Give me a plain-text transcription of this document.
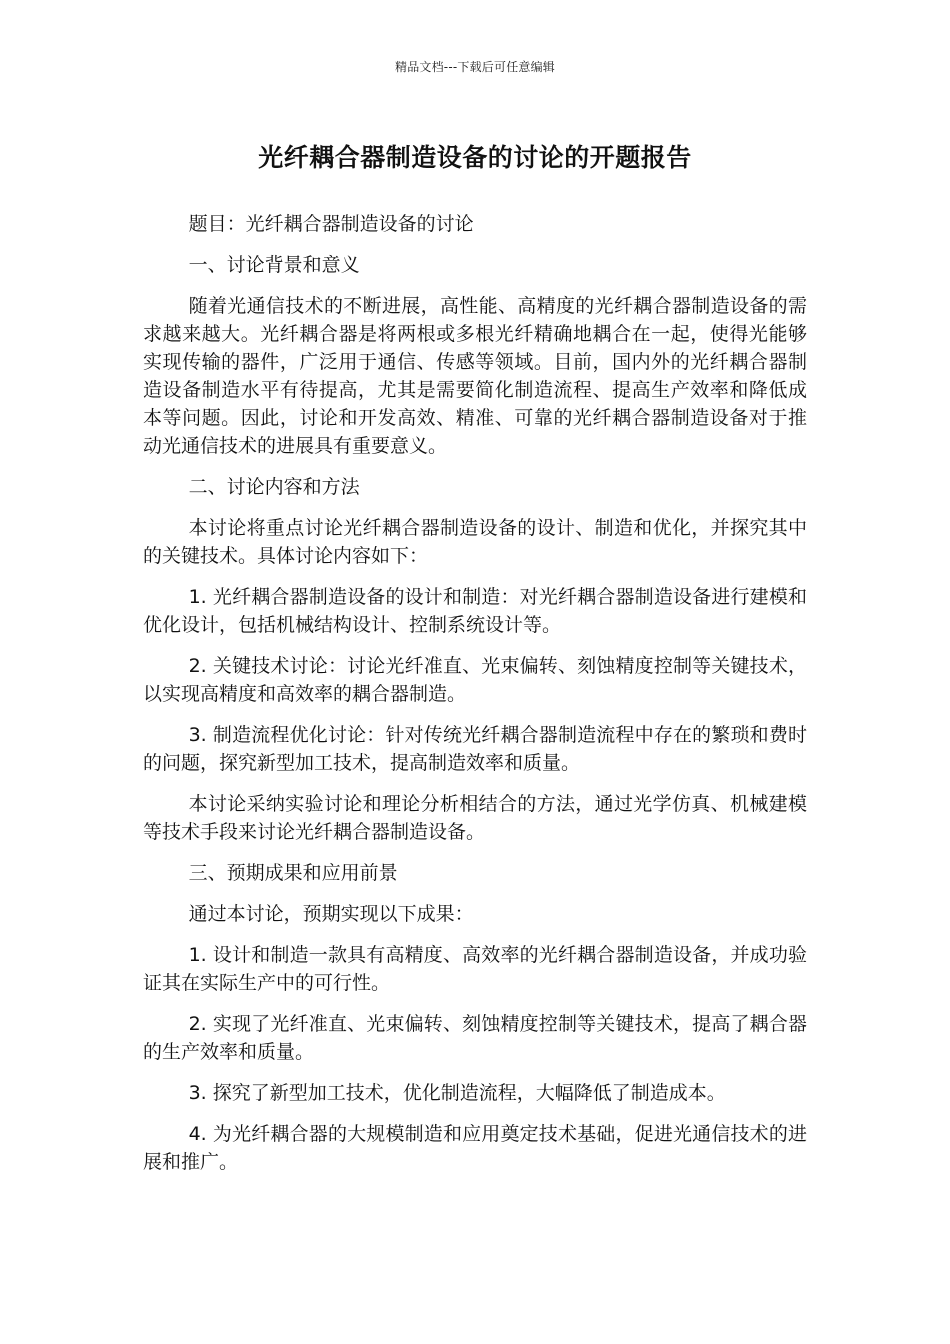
精品文档---下载后可任意编辑
光纤耦合器制造设备的讨论的开题报告

题目：光纤耦合器制造设备的讨论

一、讨论背景和意义

随着光通信技术的不断进展，高性能、高精度的光纤耦合器制造设备的需求越来越大。光纤耦合器是将两根或多根光纤精确地耦合在一起，使得光能够实现传输的器件，广泛用于通信、传感等领域。目前，国内外的光纤耦合器制造设备制造水平有待提高，尤其是需要简化制造流程、提高生产效率和降低成本等问题。因此，讨论和开发高效、精准、可靠的光纤耦合器制造设备对于推动光通信技术的进展具有重要意义。

二、讨论内容和方法

本讨论将重点讨论光纤耦合器制造设备的设计、制造和优化，并探究其中的关键技术。具体讨论内容如下：

1. 光纤耦合器制造设备的设计和制造：对光纤耦合器制造设备进行建模和优化设计，包括机械结构设计、控制系统设计等。

2. 关键技术讨论：讨论光纤准直、光束偏转、刻蚀精度控制等关键技术，以实现高精度和高效率的耦合器制造。

3. 制造流程优化讨论：针对传统光纤耦合器制造流程中存在的繁琐和费时的问题，探究新型加工技术，提高制造效率和质量。

本讨论采纳实验讨论和理论分析相结合的方法，通过光学仿真、机械建模等技术手段来讨论光纤耦合器制造设备。

三、预期成果和应用前景

通过本讨论，预期实现以下成果：

1. 设计和制造一款具有高精度、高效率的光纤耦合器制造设备，并成功验证其在实际生产中的可行性。

2. 实现了光纤准直、光束偏转、刻蚀精度控制等关键技术，提高了耦合器的生产效率和质量。

3. 探究了新型加工技术，优化制造流程，大幅降低了制造成本。

4. 为光纤耦合器的大规模制造和应用奠定技术基础，促进光通信技术的进展和推广。
